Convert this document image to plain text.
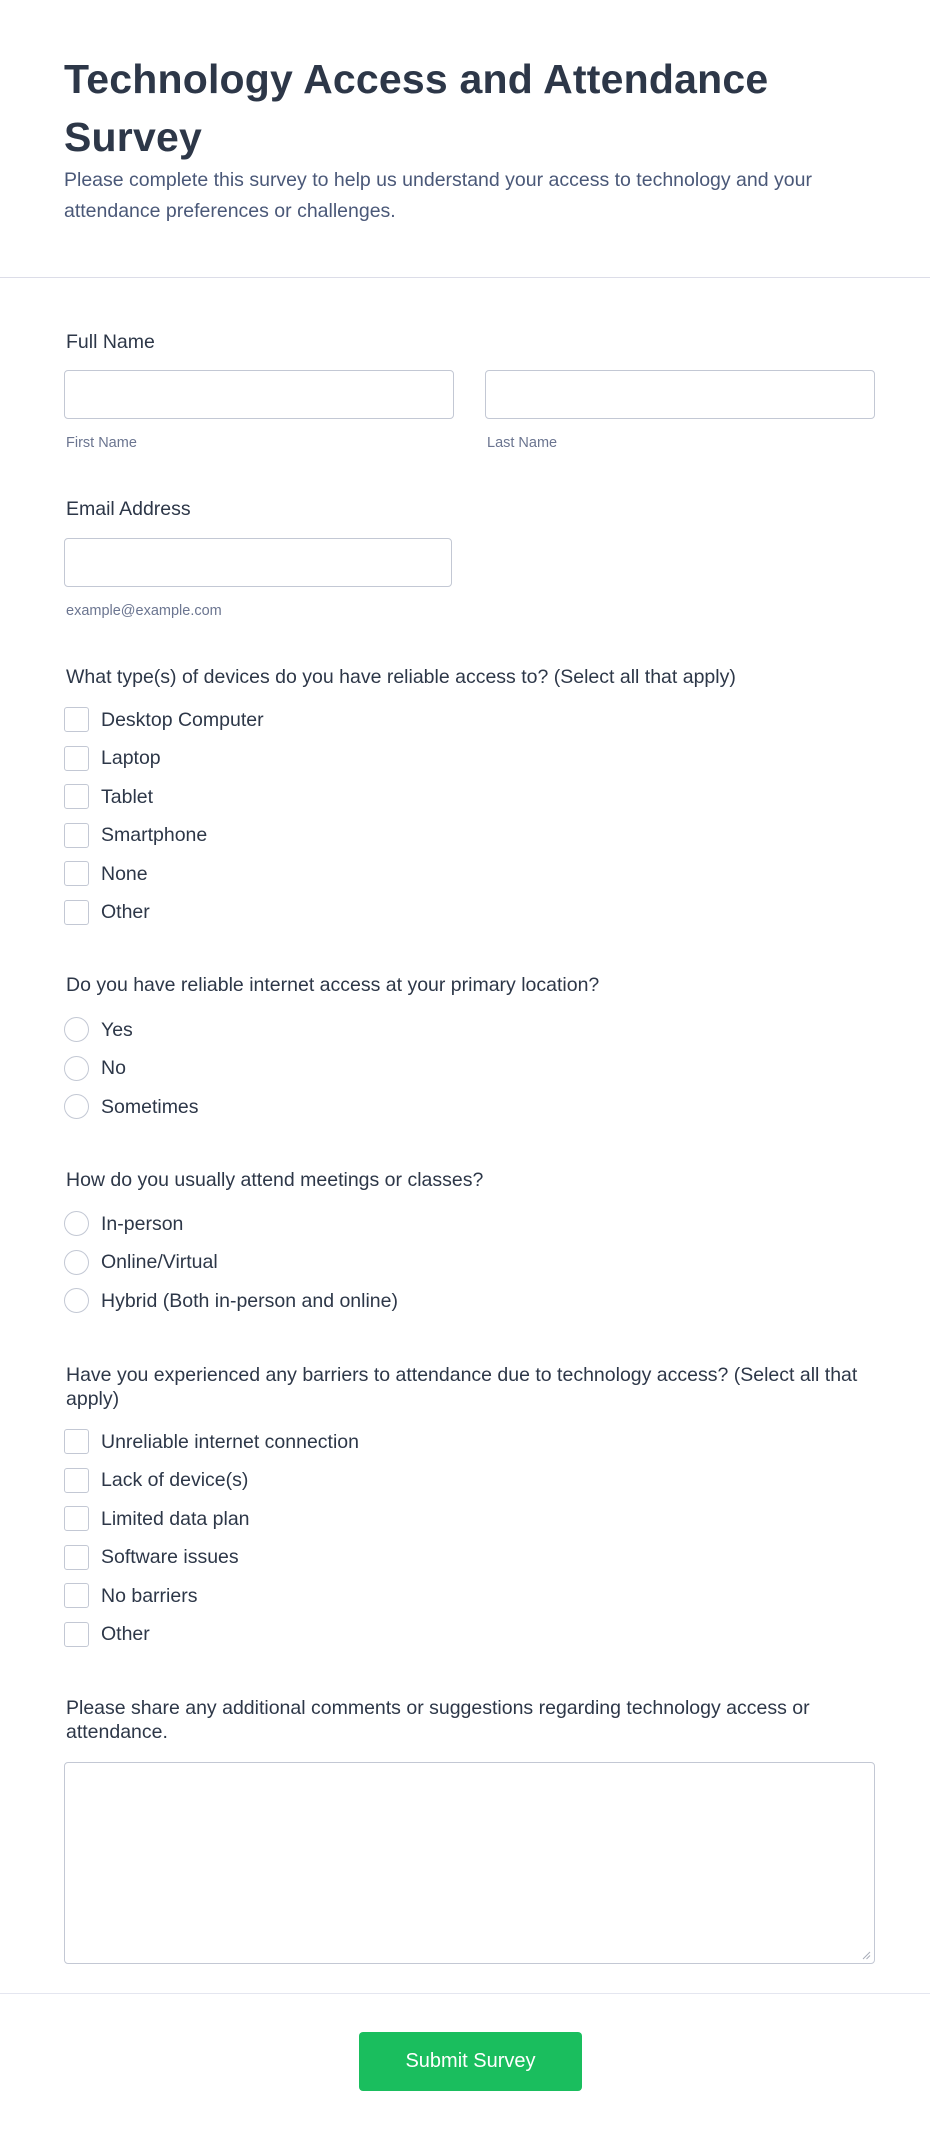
Technology Access and Attendance Survey

Please complete this survey to help us understand your access to technology and your attendance preferences or challenges.

Full Name
First Name	Last Name
Email Address
example@example.com
What type(s) of devices do you have reliable access to? (Select all that apply)
Desktop Computer
Laptop
Tablet
Smartphone
None
Other
Do you have reliable internet access at your primary location?
Yes
No
Sometimes
How do you usually attend meetings or classes?
In-person
Online/Virtual
Hybrid (Both in-person and online)
Have you experienced any barriers to attendance due to technology access? (Select all that apply)
Unreliable internet connection
Lack of device(s)
Limited data plan
Software issues
No barriers
Other
Please share any additional comments or suggestions regarding technology access or attendance.
Submit Survey
